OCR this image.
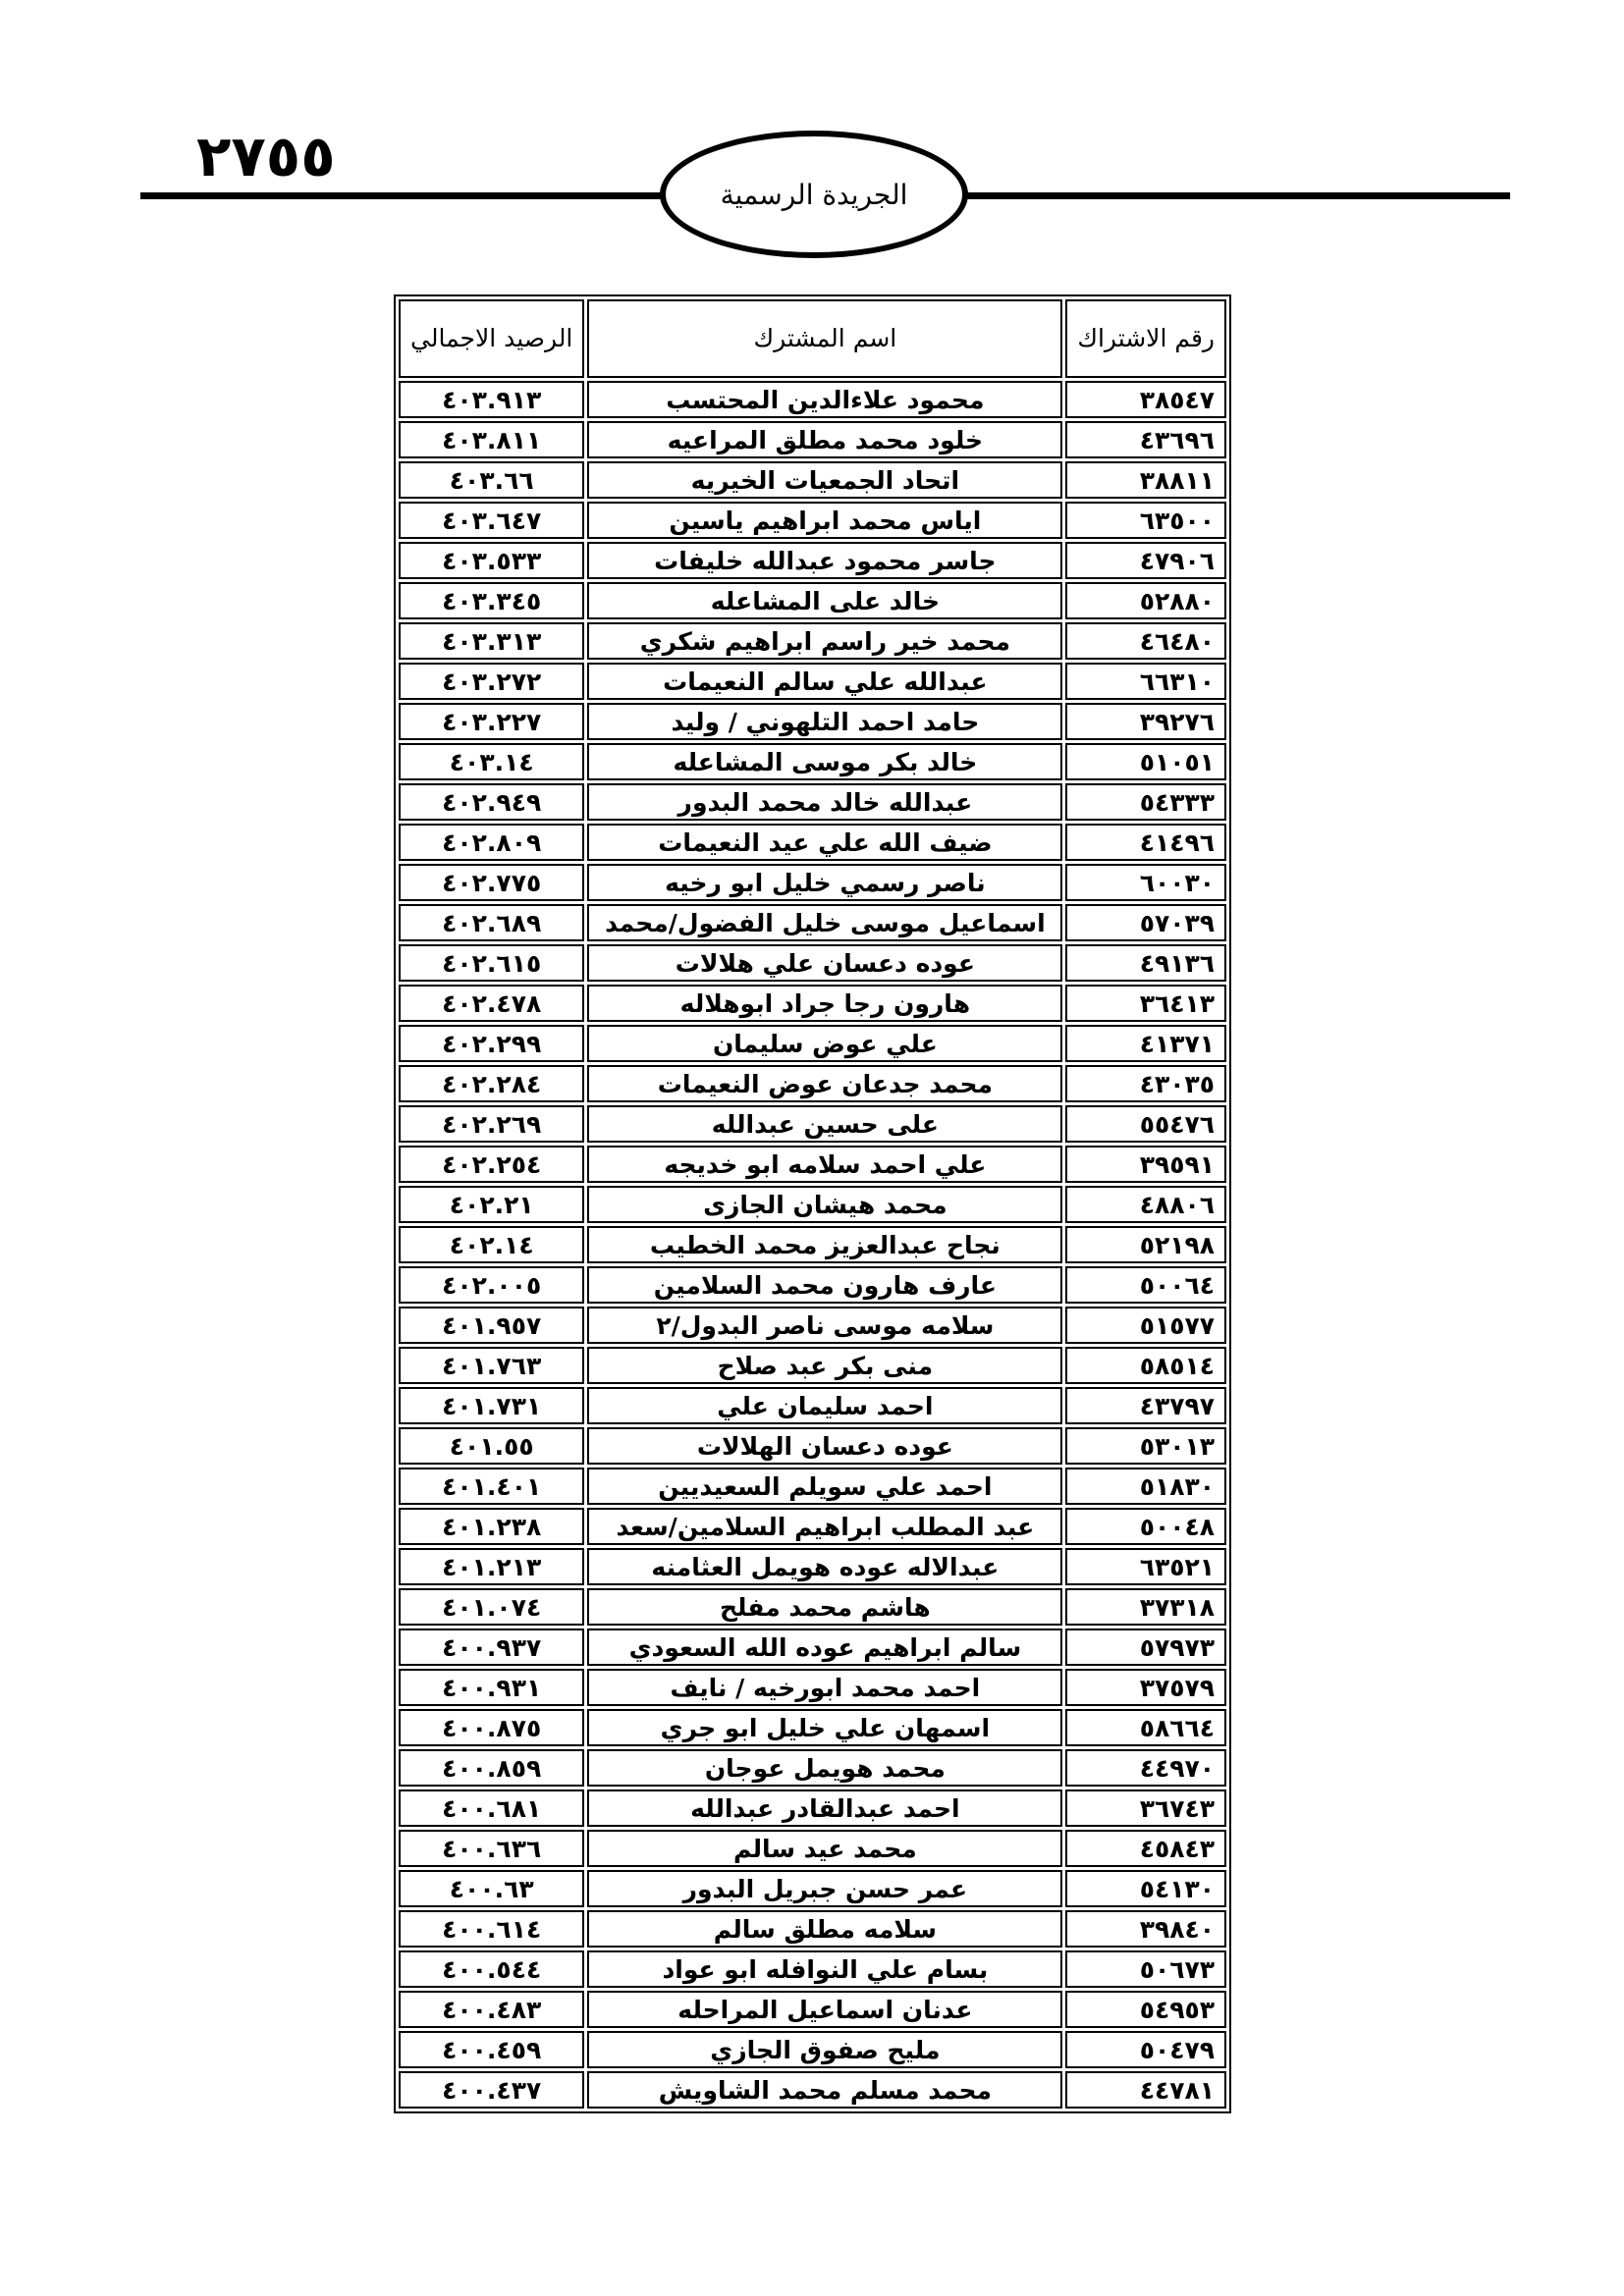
٢٧٥٥
الجريدة الرسمية
رقم الاشتراك	اسم المشترك	الرصيد الاجمالي
٣٨٥٤٧	محمود علاءالدين المحتسب	٤٠٣.٩١٣
٤٣٦٩٦	خلود محمد مطلق المراعيه	٤٠٣.٨١١
٣٨٨١١	اتحاد الجمعيات الخيريه	٤٠٣.٦٦
٦٣٥٠٠	اياس محمد ابراهيم ياسين	٤٠٣.٦٤٧
٤٧٩٠٦	جاسر محمود عبدالله خليفات	٤٠٣.٥٣٣
٥٢٨٨٠	خالد على المشاعله	٤٠٣.٣٤٥
٤٦٤٨٠	محمد خير راسم ابراهيم شكري	٤٠٣.٣١٣
٦٦٣١٠	عبدالله علي سالم النعيمات	٤٠٣.٢٧٢
٣٩٢٧٦	حامد احمد التلهوني / وليد	٤٠٣.٢٢٧
٥١٠٥١	خالد بكر موسى المشاعله	٤٠٣.١٤
٥٤٣٣٣	عبدالله خالد محمد البدور	٤٠٢.٩٤٩
٤١٤٩٦	ضيف الله علي عيد النعيمات	٤٠٢.٨٠٩
٦٠٠٣٠	ناصر رسمي خليل ابو رخيه	٤٠٢.٧٧٥
٥٧٠٣٩	اسماعيل موسى خليل الفضول/محمد	٤٠٢.٦٨٩
٤٩١٣٦	عوده دعسان علي هلالات	٤٠٢.٦١٥
٣٦٤١٣	هارون رجا جراد ابوهلاله	٤٠٢.٤٧٨
٤١٣٧١	علي عوض سليمان	٤٠٢.٢٩٩
٤٣٠٣٥	محمد جدعان عوض النعيمات	٤٠٢.٢٨٤
٥٥٤٧٦	على حسين عبدالله	٤٠٢.٢٦٩
٣٩٥٩١	علي احمد سلامه ابو خديجه	٤٠٢.٢٥٤
٤٨٨٠٦	محمد هيشان الجازى	٤٠٢.٢١
٥٢١٩٨	نجاح عبدالعزيز محمد الخطيب	٤٠٢.١٤
٥٠٠٦٤	عارف هارون محمد السلامين	٤٠٢.٠٠٥
٥١٥٧٧	سلامه موسى ناصر البدول/٢	٤٠١.٩٥٧
٥٨٥١٤	منى بكر عبد صلاح	٤٠١.٧٦٣
٤٣٧٩٧	احمد سليمان علي	٤٠١.٧٣١
٥٣٠١٣	عوده دعسان الهلالات	٤٠١.٥٥
٥١٨٣٠	احمد علي سويلم السعيديين	٤٠١.٤٠١
٥٠٠٤٨	عبد المطلب ابراهيم السلامين/سعد	٤٠١.٢٣٨
٦٣٥٢١	عبدالاله عوده هويمل العثامنه	٤٠١.٢١٣
٣٧٣١٨	هاشم محمد مفلح	٤٠١.٠٧٤
٥٧٩٧٣	سالم ابراهيم عوده الله السعودي	٤٠٠.٩٣٧
٣٧٥٧٩	احمد محمد ابورخيه / نايف	٤٠٠.٩٣١
٥٨٦٦٤	اسمهان علي خليل ابو جري	٤٠٠.٨٧٥
٤٤٩٧٠	محمد هويمل عوجان	٤٠٠.٨٥٩
٣٦٧٤٣	احمد عبدالقادر عبدالله	٤٠٠.٦٨١
٤٥٨٤٣	محمد عيد سالم	٤٠٠.٦٣٦
٥٤١٣٠	عمر حسن جبريل البدور	٤٠٠.٦٣
٣٩٨٤٠	سلامه مطلق سالم	٤٠٠.٦١٤
٥٠٦٧٣	بسام علي النوافله ابو عواد	٤٠٠.٥٤٤
٥٤٩٥٣	عدنان اسماعيل المراحله	٤٠٠.٤٨٣
٥٠٤٧٩	مليح صفوق الجازي	٤٠٠.٤٥٩
٤٤٧٨١	محمد مسلم محمد الشاويش	٤٠٠.٤٣٧
